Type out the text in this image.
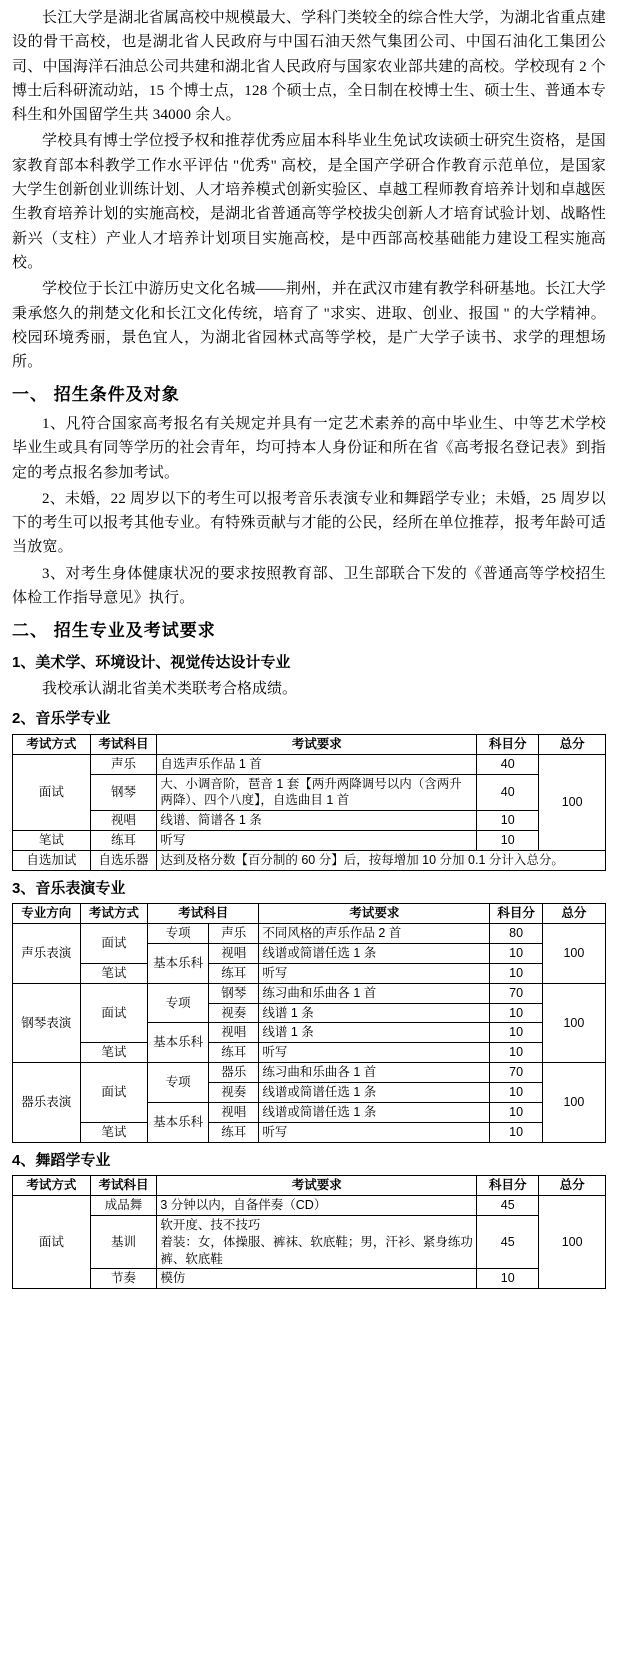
长江大学是湖北省属高校中规模最大、学科门类较全的综合性大学，为湖北省重点建设的骨干高校，也是湖北省人民政府与中国石油天然气集团公司、中国石油化工集团公司、中国海洋石油总公司共建和湖北省人民政府与国家农业部共建的高校。学校现有 2 个博士后科研流动站，15 个博士点，128 个硕士点，全日制在校博士生、硕士生、普通本专科生和外国留学生共 34000 余人。

学校具有博士学位授予权和推荐优秀应届本科毕业生免试攻读硕士研究生资格，是国家教育部本科教学工作水平评估 "优秀" 高校，是全国产学研合作教育示范单位，是国家大学生创新创业训练计划、人才培养模式创新实验区、卓越工程师教育培养计划和卓越医生教育培养计划的实施高校，是湖北省普通高等学校拔尖创新人才培育试验计划、战略性新兴（支柱）产业人才培养计划项目实施高校，是中西部高校基础能力建设工程实施高校。

学校位于长江中游历史文化名城——荆州，并在武汉市建有教学科研基地。长江大学秉承悠久的荆楚文化和长江文化传统，培育了 "求实、进取、创业、报国 " 的大学精神。校园环境秀丽，景色宜人，为湖北省园林式高等学校，是广大学子读书、求学的理想场所。

一、 招生条件及对象

1、凡符合国家高考报名有关规定并具有一定艺术素养的高中毕业生、中等艺术学校毕业生或具有同等学历的社会青年，均可持本人身份证和所在省《高考报名登记表》到指定的考点报名参加考试。

2、未婚，22 周岁以下的考生可以报考音乐表演专业和舞蹈学专业；未婚，25 周岁以下的考生可以报考其他专业。有特殊贡献与才能的公民，经所在单位推荐，报考年龄可适当放宽。

3、对考生身体健康状况的要求按照教育部、卫生部联合下发的《普通高等学校招生体检工作指导意见》执行。

二、 招生专业及考试要求
1、美术学、环境设计、视觉传达设计专业

我校承认湖北省美术类联考合格成绩。

2、音乐学专业
考试方式	考试科目	考试要求	科目分	总分
面试	声乐	自选声乐作品 1 首	40	100
	钢琴	大、小调音阶，琶音 1 套【两升两降调号以内（含两升两降）、四个八度】，自选曲目 1 首	40	
	视唱	线谱、简谱各 1 条	10	
笔试	练耳	听写	10	
自选加试	自选乐器	达到及格分数【百分制的 60 分】后，按每增加 10 分加 0.1 分计入总分。		
3、音乐表演专业
专业方向	考试方式	考试科目		考试要求	科目分	总分
声乐表演	面试	专项	声乐	不同风格的声乐作品 2 首	80	100
		基本乐科	视唱	线谱或简谱任选 1 条	10	
	笔试		练耳	听写	10	
钢琴表演	面试	专项	钢琴	练习曲和乐曲各 1 首	70	100
			视奏	线谱 1 条	10	
		基本乐科	视唱	线谱 1 条	10	
	笔试		练耳	听写	10	
器乐表演	面试	专项	器乐	练习曲和乐曲各 1 首	70	100
			视奏	线谱或简谱任选 1 条	10	
		基本乐科	视唱	线谱或简谱任选 1 条	10	
	笔试		练耳	听写	10	
4、舞蹈学专业
考试方式	考试科目	考试要求	科目分	总分
面试	成品舞	3 分钟以内，自备伴奏（CD）	45	100
	基训	软开度、技不技巧
着装：女，体操服、裤袜、软底鞋；男，汗衫、紧身练功裤、软底鞋	45	
	节奏	模仿	10	
